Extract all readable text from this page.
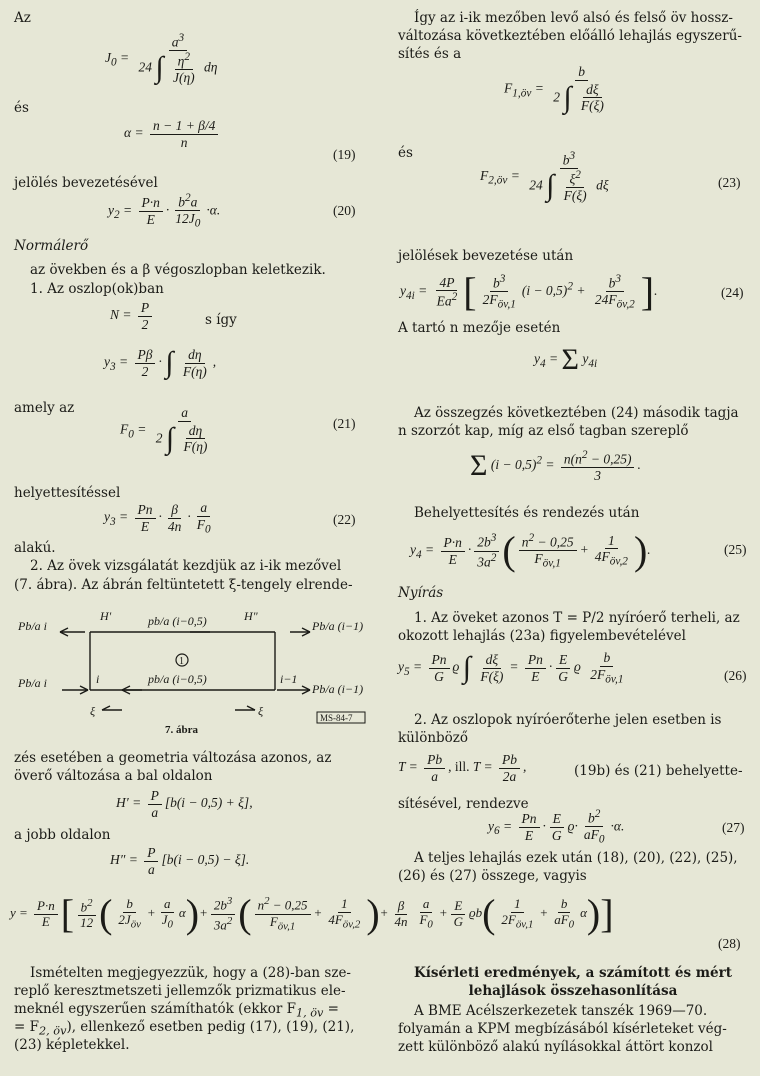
Az
$J_0 = \frac{a^3}{24 \int \frac{\eta^2}{J(\eta)} d\eta}$
és
$\alpha = \frac{n - 1 + \beta/4}{n}$
(19)
jelölés bevezetésével
$y_2 = \frac{P\cdot n}{E} \cdot \frac{b^2a}{12J_0} \cdot\alpha$.	(20)
Normálerő
az övekben és a β végoszlopban keletkezik.
1. Az oszlop(ok)ban
$N = \frac{P}{2}$	s így
$y_3 = \frac{P\beta}{2}$ · ∫ $\frac{d\eta}{F(\eta)}$ ,
amely az
$F_0$ =
a
2 ∫ $\frac{d\eta}{F(\eta)}$	(21)
helyettesítéssel
$y_3 = \frac{Pn}{E} \cdot \frac{\beta}{4n} \cdot \frac{a}{F_0}$	(22)
alakú.
2. Az övek vizsgálatát kezdjük az i-ik mezővel
(7. ábra). Az ábrán feltüntetett ξ-tengely elrende-
Pb/a i
H'	pb/a (i−0,5)	H"
Pb/a (i−1)
1
Pb/a i	i	i−1
pb/a (i−0,5)
Pb/a (i−1)
ξ	ξ
7. ábra
MS-84-7
zés esetében a geometria változása azonos, az
överő változása a bal oldalon
$H' = \frac{P}{a} [b(i - 0,5) + \xi]$,
a jobb oldalon
$H'' = \frac{P}{a} [b(i - 0,5) - \xi]$.
Így az i-ik mezőben levő alsó és felső öv hossz-
változása következtében előálló lehajlás egyszerű-
sítés és a
$F_{1,öv}$ =
b
2 ∫ $\frac{d\xi}{F(\xi)}$
és
$F_{2,öv} = \frac{b^3}{24 \int \frac{\xi^2}{F(\xi)} d\xi}$	(23)
jelölések bevezetése után
$y_{4i} = \frac{4P}{Ea^2}$ [ $b^3$
$2F_{öv,1}$
$(i - 0,5)^2$ +
$b^3$
$24F_{öv,2}$ ].	(24)
A tartó n mezője esetén
$y_4 = \Sigma$ $y_{4i}$
Az összegzés következtében (24) második tagja
n szorzót kap, míg az első tagban szereplő
Σ $(i - 0,5)^2 = \frac{n(n^2 - 0,25)}{3}$ .
Behelyettesítés és rendezés után
$y_4 = \frac{P\cdot n}{E} \cdot \frac{2b^3}{3a^2}$ ( $n^2 - 0,25$
$F_{öv,1}$
+
1
$4F_{öv,2}$ ).	(25)
Nyírás
1. Az öveket azonos T = P/2 nyíróerő terheli, az
okozott lehajlás (23a) figyelembevételével
$y_5 = \frac{Pn}{G}$ ϱ ∫ $\frac{d\xi}{F(\xi)} = \frac{Pn}{E} \cdot \frac{E}{G}$ ϱ
b
$2F_{öv,1}$	(26)
2. Az oszlopok nyíróerőterhe jelen esetben is
különböző
$T = \frac{Pb}{a}$ , ill. $T = \frac{Pb}{2a}$ ,	(19b) és (21) behelyette-
sítésével, rendezve
$y_6 = \frac{Pn}{E} \cdot \frac{E}{G} ϱ\cdot \frac{b^2}{aF_0} \cdot\alpha$.	(27)
A teljes lehajlás ezek után (18), (20), (22), (25),
(26) és (27) összege, vagyis
$y = \frac{P\cdot n}{E}$ [ $\frac{b^2}{12}$ ( b
$2J_{öv}$
+ $\frac{a}{J_0} \alpha)+ \frac{2b^3}{3a^2}$ ( $n^2 - 0,25$
$F_{öv,1}$
+
1
$4F_{öv,2}$ )+ $\frac{\beta}{4n} \frac{a}{F_0} + \frac{E}{G} ϱb$( 1
$2F_{öv,1}$
+ $\frac{b}{aF_0} \alpha$)]
(28)
Ismételten megjegyezzük, hogy a (28)-ban sze-
replő keresztmetszeti jellemzők prizmatikus ele-
meknél egyszerűen számíthatók (ekkor $F_{1, öv}$ =
= $F_{2, öv}$), ellenkező esetben pedig (17), (19), (21),
(23) képletekkel.
Kísérleti eredmények, a számított és mért
lehajlások összehasonlítása
A BME Acélszerkezetek tanszék 1969—70.
folyamán a KPM megbízásából kísérleteket vég-
zett különböző alakú nyílásokkal áttört konzol
